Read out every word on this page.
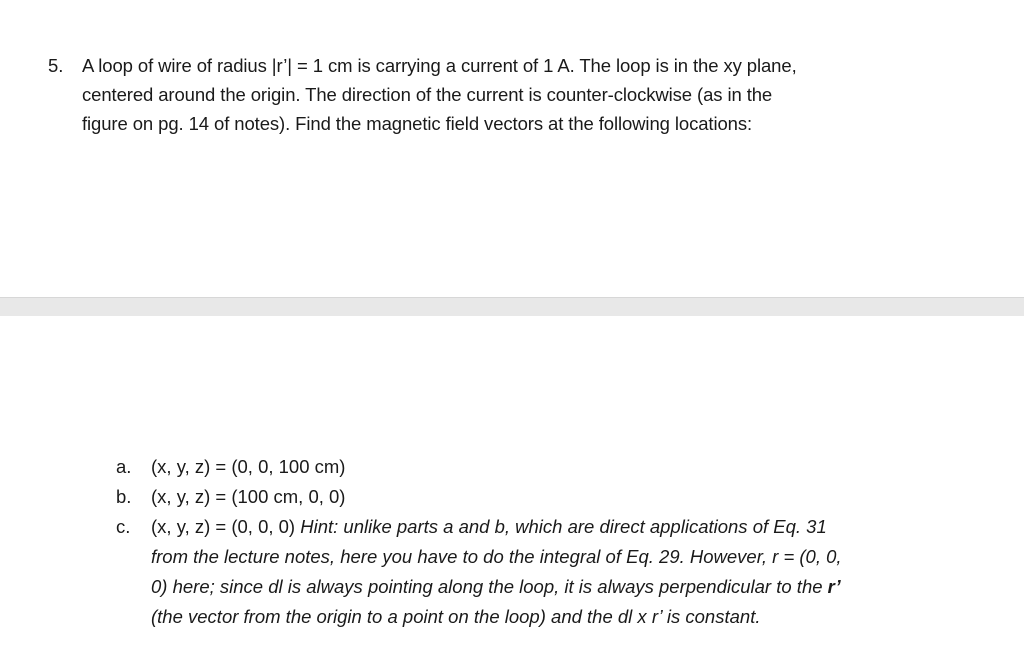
5. A loop of wire of radius |r’| = 1 cm is carrying a current of 1 A. The loop is in the xy plane,
centered around the origin. The direction of the current is counter-clockwise (as in the
figure on pg. 14 of notes). Find the magnetic field vectors at the following locations:
a. (x, y, z) = (0, 0, 100 cm)
b. (x, y, z) = (100 cm, 0, 0)
c. (x, y, z) = (0, 0, 0) Hint: unlike parts a and b, which are direct applications of Eq. 31
from the lecture notes, here you have to do the integral of Eq. 29. However, r = (0, 0,
0) here; since dl is always pointing along the loop, it is always perpendicular to the r’
(the vector from the origin to a point on the loop) and the dl x r’ is constant.
